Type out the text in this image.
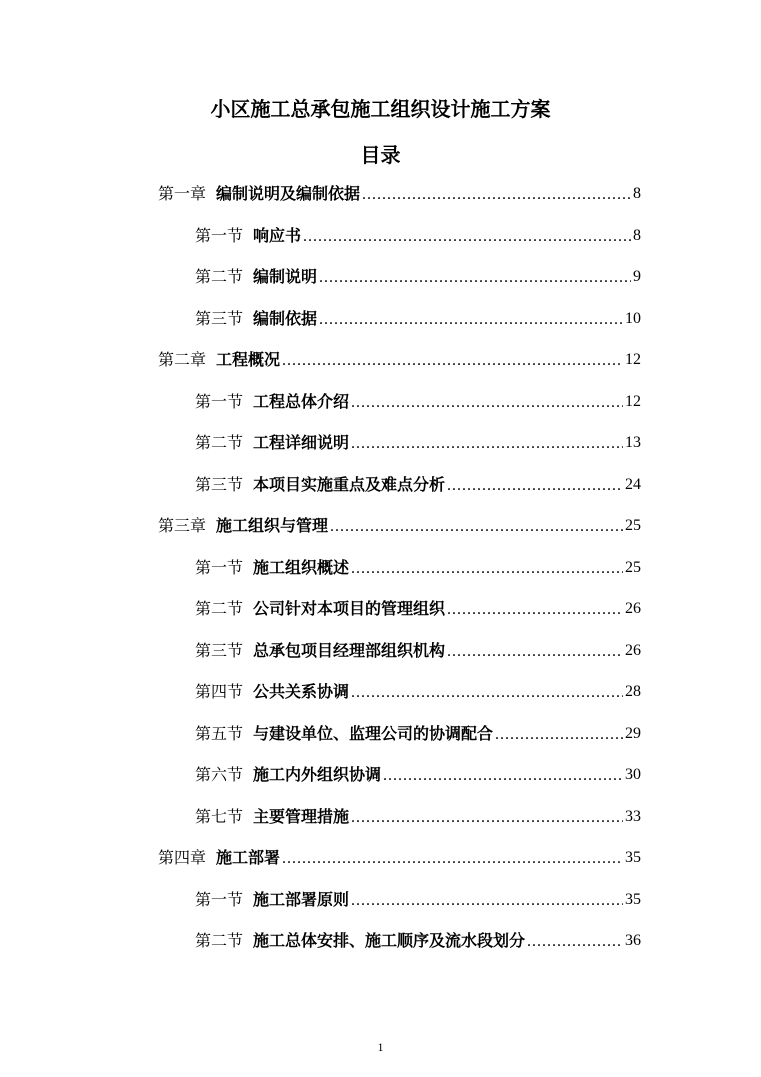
小区施工总承包施工组织设计施工方案
目录
第一章 编制说明及编制依据 .....	8
第一节 响应书 .....	8
第二节 编制说明 .....	9
第三节 编制依据 .....	10
第二章 工程概况 .....	12
第一节 工程总体介绍 .....	12
第二节 工程详细说明 .....	13
第三节 本项目实施重点及难点分析 .....	24
第三章 施工组织与管理 .....	25
第一节 施工组织概述 .....	25
第二节 公司针对本项目的管理组织 .....	26
第三节 总承包项目经理部组织机构 .....	26
第四节 公共关系协调 .....	28
第五节 与建设单位、监理公司的协调配合 .....	29
第六节 施工内外组织协调 .....	30
第七节 主要管理措施 .....	33
第四章 施工部署 .....	35
第一节 施工部署原则 .....	35
第二节 施工总体安排、施工顺序及流水段划分 .....	36
1
